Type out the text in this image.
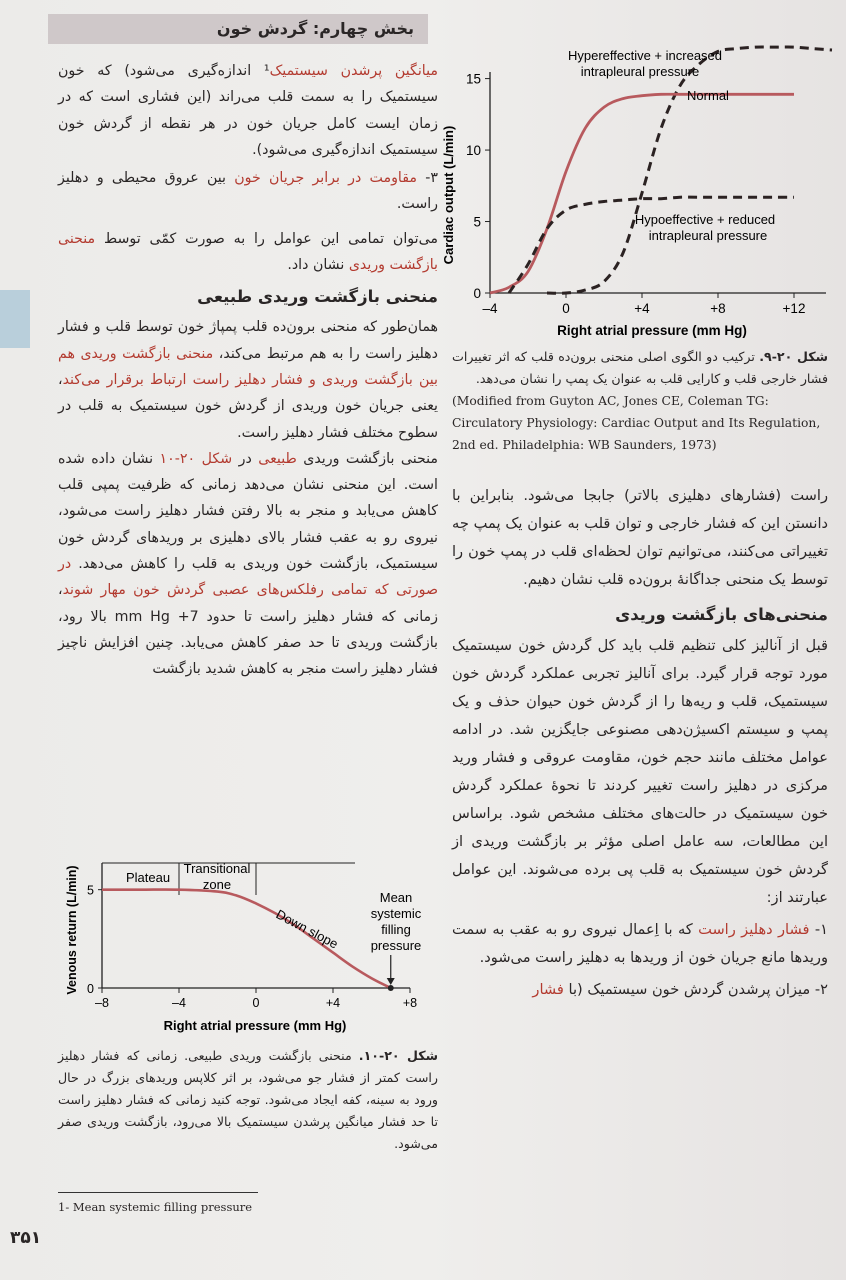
بخش چهارم: گردش خون

میانگین پرشدن سیستمیک¹ اندازه‌گیری می‌شود) که خون سیستمیک را به سمت قلب می‌راند (این فشاری است که در زمان ایست کامل جریان خون در هر نقطه از گردش خون سیستمیک اندازه‌گیری می‌شود).

۳- مقاومت در برابر جریان خون بین عروق محیطی و دهلیز راست.

می‌توان تمامی این عوامل را به صورت کمّی توسط منحنی بازگشت وریدی نشان داد.

منحنی بازگشت وریدی طبیعی

همان‌طور که منحنی برون‌ده قلب پمپاژ خون توسط قلب و فشار دهلیز راست را به هم مرتبط می‌کند، منحنی بازگشت وریدی هم بین بازگشت وریدی و فشار دهلیز راست ارتباط برقرار می‌کند، یعنی جریان خون وریدی از گردش خون سیستمیک به قلب در سطوح مختلف فشار دهلیز راست.

منحنی بازگشت وریدی طبیعی در شکل ۲۰-۱۰ نشان داده شده است. این منحنی نشان می‌دهد زمانی که ظرفیت پمپی قلب کاهش می‌یابد و منجر به بالا رفتن فشار دهلیز راست می‌شود، نیروی رو به عقب فشار بالای دهلیزی بر وریدهای گردش خون سیستمیک، بازگشت خون وریدی به قلب را کاهش می‌دهد. در صورتی که تمامی رفلکس‌های عصبی گردش خون مهار شوند، زمانی که فشار دهلیز راست تا حدود 7+ mm Hg بالا رود، بازگشت وریدی تا حد صفر کاهش می‌یابد. چنین افزایش ناچیز فشار دهلیز راست منجر به کاهش شدید بازگشت

0
5
10
15
–4	0	+4	+8	+12
Hypereffective + increased
intrapleural pressure
Normal
Hypoeffective + reduced
intrapleural pressure
Right atrial pressure (mm Hg)
Cardiac output (L/min)

شکل ۲۰-۹. ترکیب دو الگوی اصلی منحنی برون‌ده قلب که اثر تغییرات فشار خارجی قلب و کارایی قلب به عنوان یک پمپ را نشان می‌دهد.

(Modified from Guyton AC, Jones CE, Coleman TG: Circulatory Physiology: Cardiac Output and Its Regulation, 2nd ed. Philadelphia: WB Saunders, 1973)

راست (فشارهای دهلیزی بالاتر) جابجا می‌شود. بنابراین با دانستن این که فشار خارجی و توان قلب به عنوان یک پمپ چه تغییراتی می‌کنند، می‌توانیم توان لحظه‌ای قلب در پمپ خون را توسط یک منحنی جداگانهٔ برون‌ده قلب نشان دهیم.

منحنی‌های بازگشت وریدی

قبل از آنالیز کلی تنظیم قلب باید کل گردش خون سیستمیک مورد توجه قرار گیرد. برای آنالیز تجربی عملکرد گردش خون سیستمیک، قلب و ریه‌ها را از گردش خون حیوان حذف و یک پمپ و سیستم اکسیژن‌دهی مصنوعی جایگزین شد. در ادامه عوامل مختلف مانند حجم خون، مقاومت عروقی و فشار ورید مرکزی در دهلیز راست تغییر کردند تا نحوهٔ عملکرد گردش خون سیستمیک در حالت‌های مختلف مشخص شود. براساس این مطالعات، سه عامل اصلی مؤثر بر بازگشت وریدی از گردش خون سیستمیک به قلب پی برده می‌شوند. این عوامل عبارتند از:

۱- فشار دهلیز راست که با اِعمال نیروی رو به عقب به سمت وریدها مانع جریان خون از وریدها به دهلیز راست می‌شود.

۲- میزان پرشدن گردش خون سیستمیک (با فشار

0
5
–8	–4	0	+4	+8
Plateau
Transitional
zone
Down slope
Mean
systemic
filling
pressure
Right atrial pressure (mm Hg)
Venous return (L/min)
شکل ۲۰-۱۰. منحنی بازگشت وریدی طبیعی. زمانی که فشار دهلیز راست کمتر از فشار جو می‌شود، بر اثر کلاپس وریدهای بزرگ در حال ورود به سینه، کفه ایجاد می‌شود. توجه کنید زمانی که فشار دهلیز راست تا حد فشار میانگین پرشدن سیستمیک بالا می‌رود، بازگشت وریدی صفر می‌شود.
1- Mean systemic filling pressure
۳۵۱
